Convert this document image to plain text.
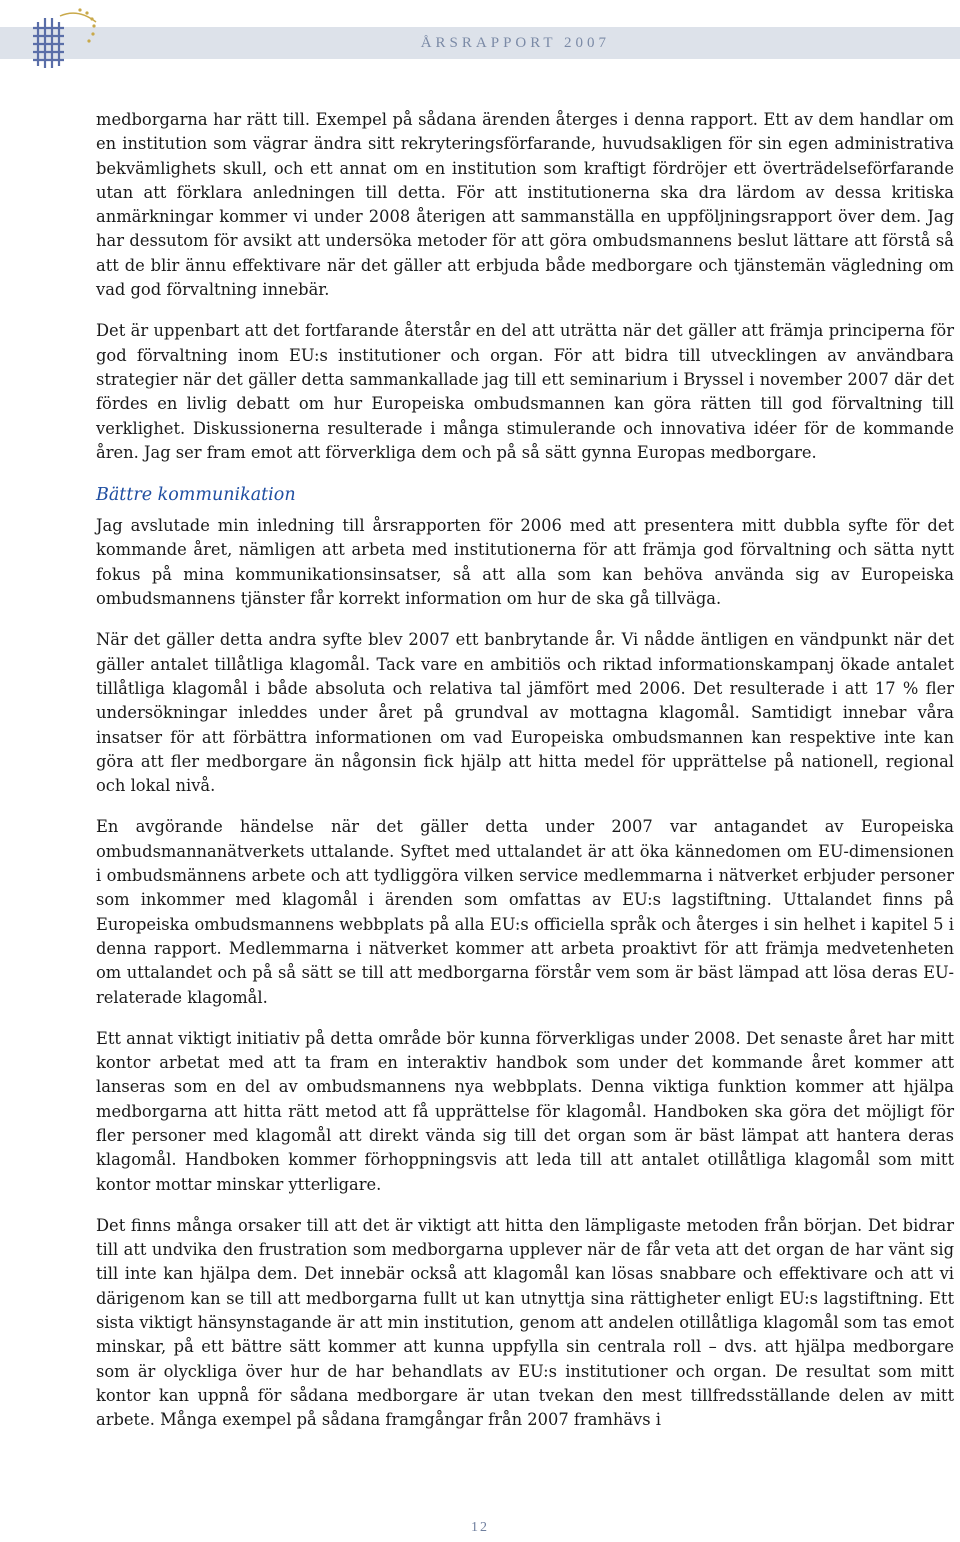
ÅRSRAPPORT 2007

medborgarna har rätt till. Exempel på sådana ärenden återges i denna rapport. Ett av dem handlar om en institution som vägrar ändra sitt rekryteringsförfarande, huvudsakligen för sin egen administrativa bekvämlighets skull, och ett annat om en institution som kraftigt fördröjer ett överträdelseförfarande utan att förklara anledningen till detta. För att institutionerna ska dra lärdom av dessa kritiska anmärkningar kommer vi under 2008 återigen att sammanställa en uppföljningsrapport över dem. Jag har dessutom för avsikt att undersöka metoder för att göra ombudsmannens beslut lättare att förstå så att de blir ännu effektivare när det gäller att erbjuda både medborgare och tjänstemän vägledning om vad god förvaltning innebär.

Det är uppenbart att det fortfarande återstår en del att uträtta när det gäller att främja principerna för god förvaltning inom EU:s institutioner och organ. För att bidra till utvecklingen av användbara strategier när det gäller detta sammankallade jag till ett seminarium i Bryssel i november 2007 där det fördes en livlig debatt om hur Europeiska ombudsmannen kan göra rätten till god förvaltning till verklighet. Diskussionerna resulterade i många stimulerande och innovativa idéer för de kommande åren. Jag ser fram emot att förverkliga dem och på så sätt gynna Europas medborgare.

Bättre kommunikation

Jag avslutade min inledning till årsrapporten för 2006 med att presentera mitt dubbla syfte för det kommande året, nämligen att arbeta med institutionerna för att främja god förvaltning och sätta nytt fokus på mina kommunikationsinsatser, så att alla som kan behöva använda sig av Europeiska ombudsmannens tjänster får korrekt information om hur de ska gå tillväga.

När det gäller detta andra syfte blev 2007 ett banbrytande år. Vi nådde äntligen en vändpunkt när det gäller antalet tillåtliga klagomål. Tack vare en ambitiös och riktad informationskampanj ökade antalet tillåtliga klagomål i både absoluta och relativa tal jämfört med 2006. Det resulterade i att 17 % fler undersökningar inleddes under året på grundval av mottagna klagomål. Samtidigt innebar våra insatser för att förbättra informationen om vad Europeiska ombudsmannen kan respektive inte kan göra att fler medborgare än någonsin fick hjälp att hitta medel för upprättelse på nationell, regional och lokal nivå.

En avgörande händelse när det gäller detta under 2007 var antagandet av Europeiska ombudsmannanätverkets uttalande. Syftet med uttalandet är att öka kännedomen om EU-dimensionen i ombudsmännens arbete och att tydliggöra vilken service medlemmarna i nätverket erbjuder personer som inkommer med klagomål i ärenden som omfattas av EU:s lagstiftning. Uttalandet finns på Europeiska ombudsmannens webbplats på alla EU:s officiella språk och återges i sin helhet i kapitel 5 i denna rapport. Medlemmarna i nätverket kommer att arbeta proaktivt för att främja medvetenheten om uttalandet och på så sätt se till att medborgarna förstår vem som är bäst lämpad att lösa deras EU-relaterade klagomål.

Ett annat viktigt initiativ på detta område bör kunna förverkligas under 2008. Det senaste året har mitt kontor arbetat med att ta fram en interaktiv handbok som under det kommande året kommer att lanseras som en del av ombudsmannens nya webbplats. Denna viktiga funktion kommer att hjälpa medborgarna att hitta rätt metod att få upprättelse för klagomål. Handboken ska göra det möjligt för fler personer med klagomål att direkt vända sig till det organ som är bäst lämpat att hantera deras klagomål. Handboken kommer förhoppningsvis att leda till att antalet otillåtliga klagomål som mitt kontor mottar minskar ytterligare.

Det finns många orsaker till att det är viktigt att hitta den lämpligaste metoden från början. Det bidrar till att undvika den frustration som medborgarna upplever när de får veta att det organ de har vänt sig till inte kan hjälpa dem. Det innebär också att klagomål kan lösas snabbare och effektivare och att vi därigenom kan se till att medborgarna fullt ut kan utnyttja sina rättigheter enligt EU:s lagstiftning. Ett sista viktigt hänsynstagande är att min institution, genom att andelen otillåtliga klagomål som tas emot minskar, på ett bättre sätt kommer att kunna uppfylla sin centrala roll – dvs. att hjälpa medborgare som är olyckliga över hur de har behandlats av EU:s institutioner och organ. De resultat som mitt kontor kan uppnå för sådana medborgare är utan tvekan den mest tillfredsställande delen av mitt arbete. Många exempel på sådana framgångar från 2007 framhävs i

12
